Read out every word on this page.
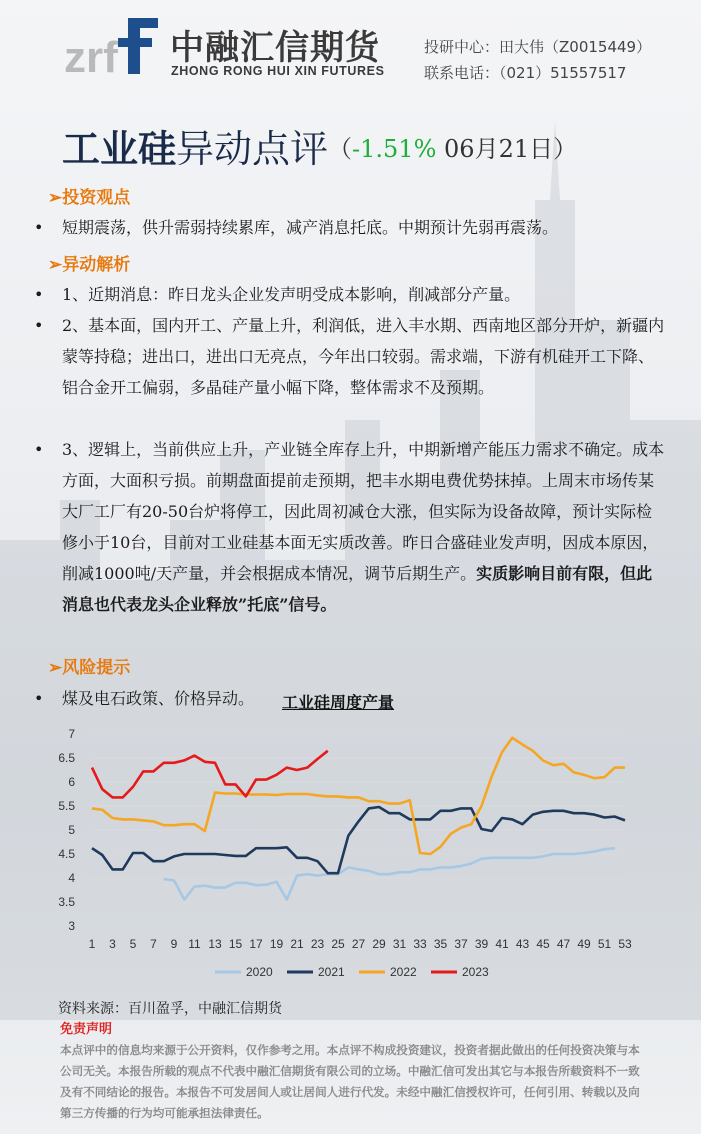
zrf 中融汇信期货
ZHONG RONG HUI XIN FUTURES
投研中心：田大伟（Z0015449）
联系电话：（021）51557517
工业硅异动点评（-1.51% 06月21日）
➢投资观点
• 短期震荡，供升需弱持续累库，减产消息托底。中期预计先弱再震荡。
➢异动解析
• 1、近期消息：昨日龙头企业发声明受成本影响，削减部分产量。
• 2、基本面，国内开工、产量上升，利润低，进入丰水期、西南地区部分开炉，新疆内蒙等持稳；进出口，进出口无亮点，今年出口较弱。需求端，下游有机硅开工下降、铝合金开工偏弱，多晶硅产量小幅下降，整体需求不及预期。
• 3、逻辑上，当前供应上升，产业链全库存上升，中期新增产能压力需求不确定。成本方面，大面积亏损。前期盘面提前走预期，把丰水期电费优势抹掉。上周末市场传某大厂工厂有20-50台炉将停工，因此周初减仓大涨，但实际为设备故障，预计实际检修小于10台，目前对工业硅基本面无实质改善。昨日合盛硅业发声明，因成本原因，削减1000吨/天产量，并会根据成本情况，调节后期生产。实质影响目前有限，但此消息也代表龙头企业释放”托底”信号。
➢风险提示
• 煤及电石政策、价格异动。	工业硅周度产量
3
3.5
4
4.5
5
5.5
6
6.5
7
1 3 5 7 9 11 13 15 17 19 21 23 25 27 29 31 33 35 37 39 41 43 45 47 49 51 53
2020	2021	2022	2023
资料来源：百川盈孚，中融汇信期货
免责声明
本点评中的信息均来源于公开资料，仅作参考之用。本点评不构成投资建议，投资者据此做出的任何投资决策与本公司无关。本报告所载的观点不代表中融汇信期货有限公司的立场。中融汇信可发出其它与本报告所载资料不一致及有不同结论的报告。本报告不可发居间人或让居间人进行代发。未经中融汇信授权许可，任何引用、转载以及向第三方传播的行为均可能承担法律责任。
